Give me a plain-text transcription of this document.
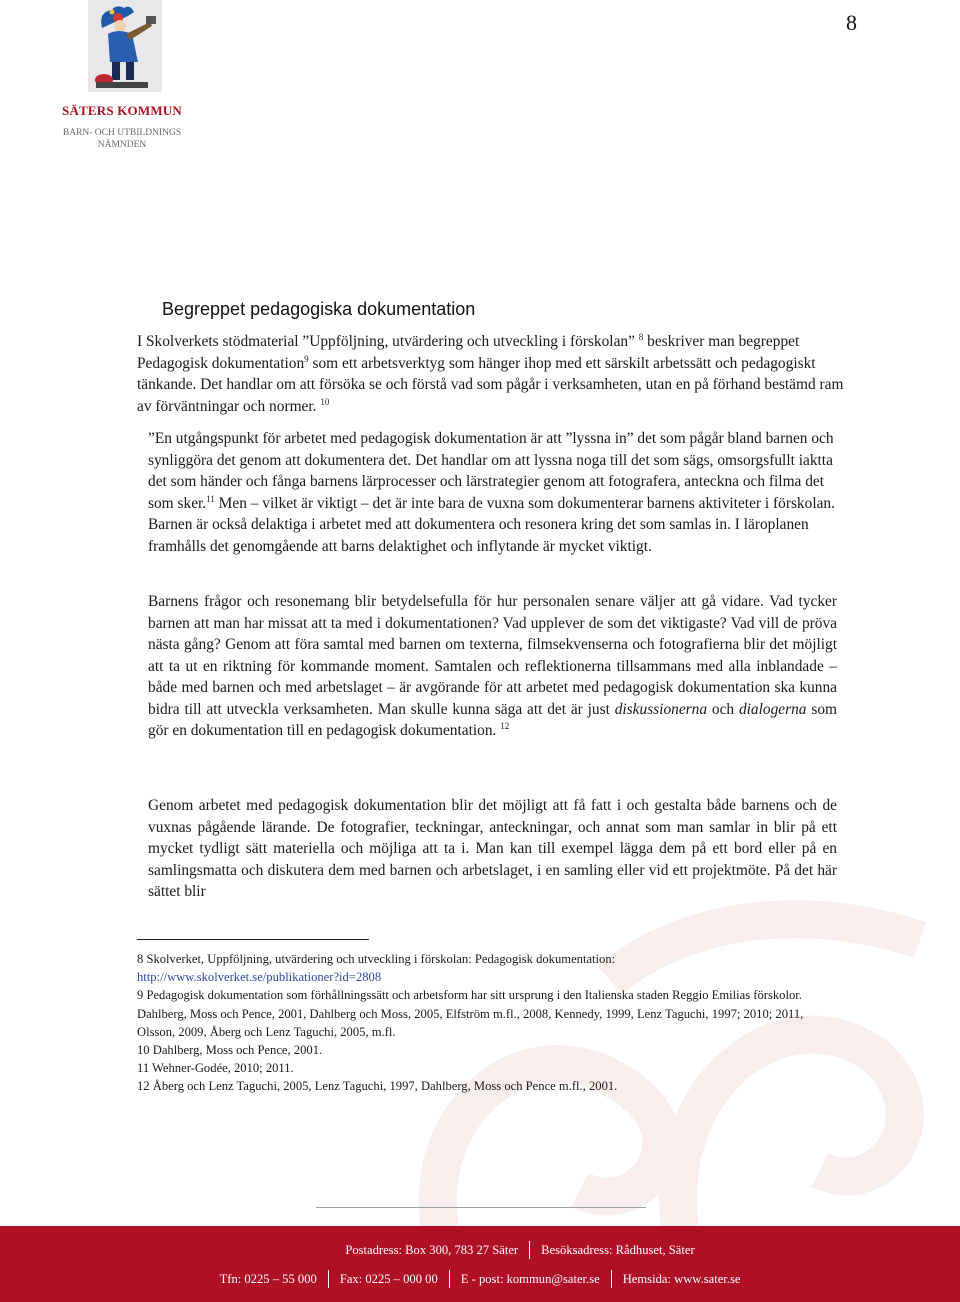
SÄTERS KOMMUN
BARN- OCH UTBILDNINGS
NÄMNDEN
8
Begreppet pedagogiska dokumentation

I Skolverkets stödmaterial ”Uppföljning, utvärdering och utveckling i förskolan” $^8$ beskriver man begreppet Pedagogisk dokumentation$^9$ som ett arbetsverktyg som hänger ihop med ett särskilt arbetssätt och pedagogiskt tänkande. Det handlar om att försöka se och förstå vad som pågår i verksamheten, utan en på förhand bestämd ram av förväntningar och normer. $^{10}$

”En utgångspunkt för arbetet med pedagogisk dokumentation är att ”lyssna in” det som pågår bland barnen och synliggöra det genom att dokumentera det. Det handlar om att lyssna noga till det som sägs, omsorgsfullt iaktta det som händer och fånga barnens lärprocesser och lärstrategier genom att fotografera, anteckna och filma det som sker.$^{11}$ Men – vilket är viktigt – det är inte bara de vuxna som dokumenterar barnens aktiviteter i förskolan. Barnen är också delaktiga i arbetet med att dokumentera och resonera kring det som samlas in. I läroplanen framhålls det genomgående att barns delaktighet och inflytande är mycket viktigt.

Barnens frågor och resonemang blir betydelsefulla för hur personalen senare väljer att gå vidare. Vad tycker barnen att man har missat att ta med i dokumentationen? Vad upplever de som det viktigaste? Vad vill de pröva nästa gång? Genom att föra samtal med barnen om texterna, filmsekvenserna och fotografierna blir det möjligt att ta ut en riktning för kommande moment. Samtalen och reflektionerna tillsammans med alla inblandade – både med barnen och med arbetslaget – är avgörande för att arbetet med pedagogisk dokumentation ska kunna bidra till att utveckla verksamheten. Man skulle kunna säga att det är just diskussionerna och dialogerna som gör en dokumentation till en pedagogisk dokumentation. $^{12}$

Genom arbetet med pedagogisk dokumentation blir det möjligt att få fatt i och gestalta både barnens och de vuxnas pågående lärande. De fotografier, teckningar, anteckningar, och annat som man samlar in blir på ett mycket tydligt sätt materiella och möjliga att ta i. Man kan till exempel lägga dem på ett bord eller på en samlingsmatta och diskutera dem med barnen och arbetslaget, i en samling eller vid ett projektmöte. På det här sättet blir

8 Skolverket, Uppföljning, utvärdering och utveckling i förskolan: Pedagogisk dokumentation:

http://www.skolverket.se/publikationer?id=2808

9 Pedagogisk dokumentation som förhållningssätt och arbetsform har sitt ursprung i den Italienska staden Reggio Emilias förskolor. Dahlberg, Moss och Pence, 2001, Dahlberg och Moss, 2005, Elfström m.fl., 2008, Kennedy, 1999, Lenz Taguchi, 1997; 2010; 2011, Olsson, 2009, Åberg och Lenz Taguchi, 2005, m.fl.

10 Dahlberg, Moss och Pence, 2001.

11 Wehner-Godée, 2010; 2011.

12 Åberg och Lenz Taguchi, 2005, Lenz Taguchi, 1997, Dahlberg, Moss och Pence m.fl., 2001.

Postadress: Box 300, 783 27 Säter Besöksadress: Rådhuset, Säter
Tfn: 0225 – 55 000 Fax: 0225 – 000 00 E - post: kommun@sater.se Hemsida: www.sater.se
